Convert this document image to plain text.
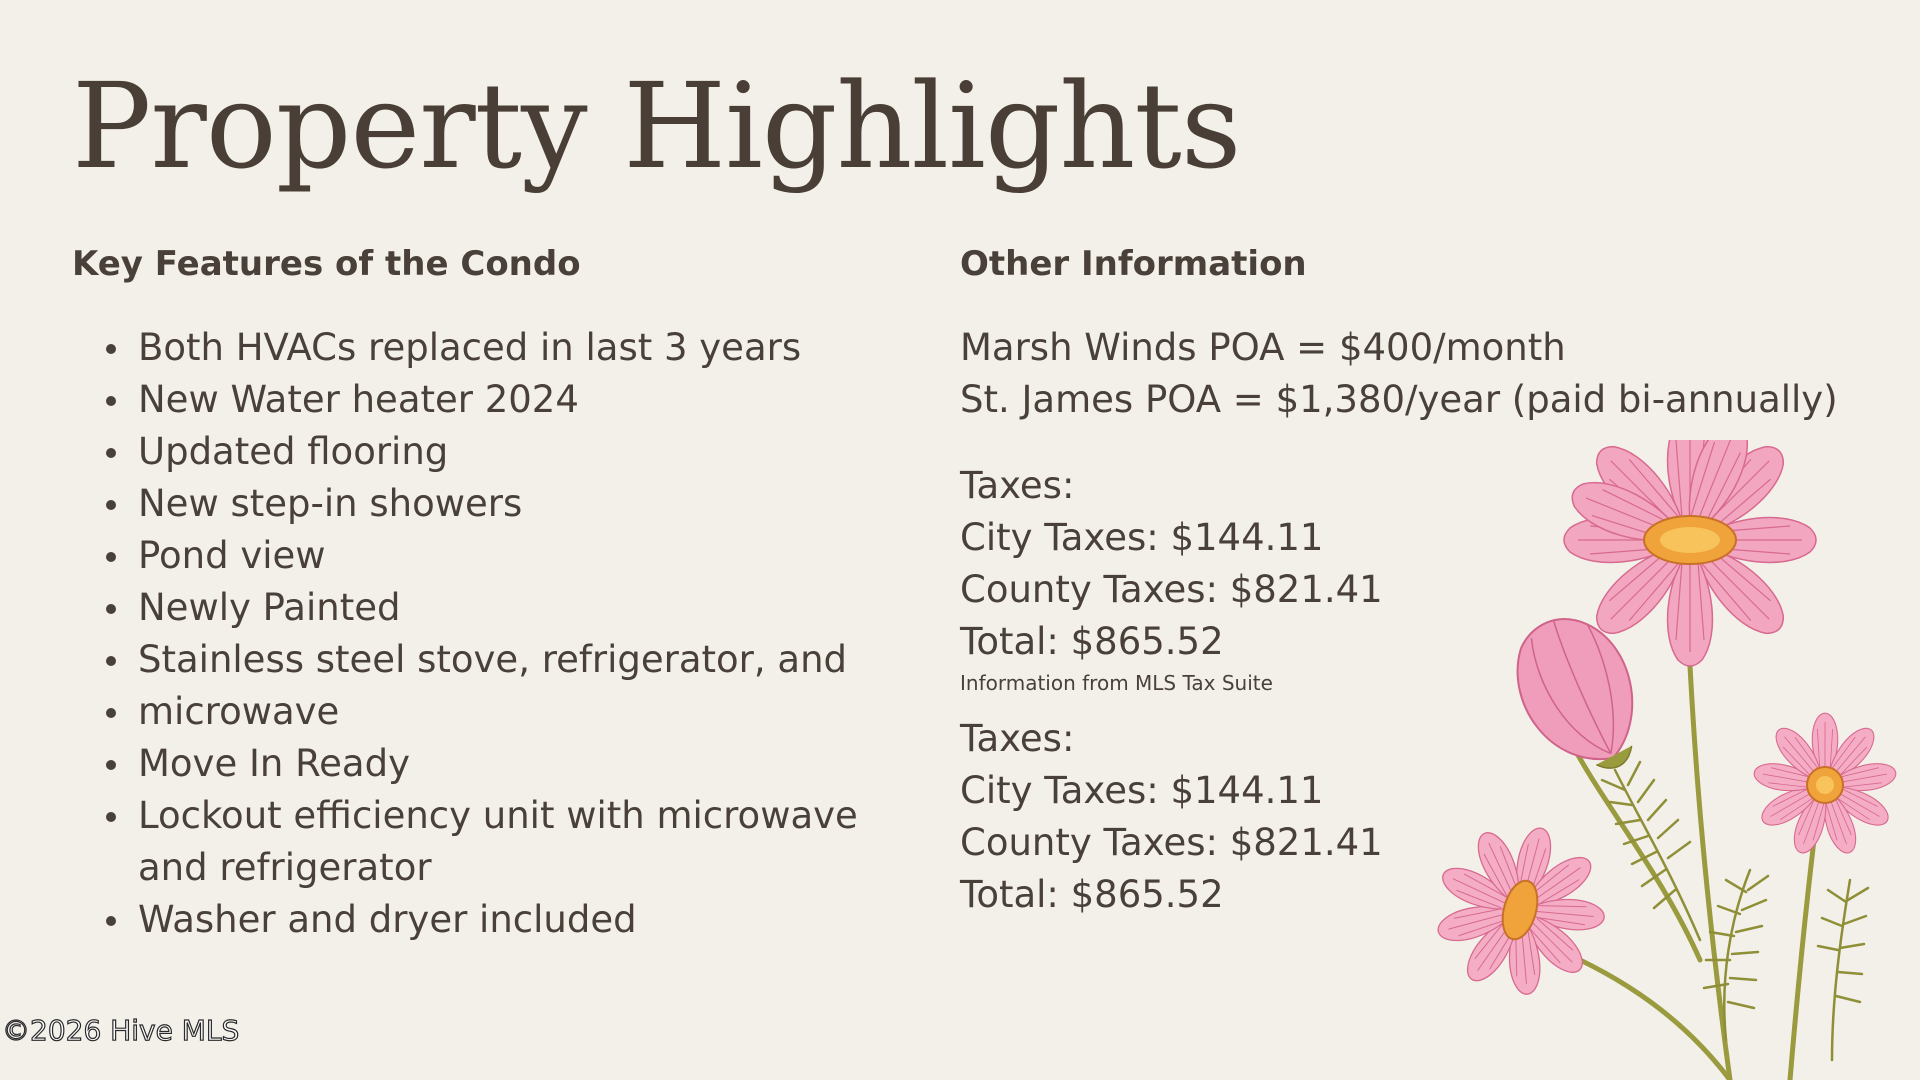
Property Highlights
Key Features of the Condo
Both HVACs replaced in last 3 years
New Water heater 2024
Updated flooring
New step-in showers
Pond view
Newly Painted
Stainless steel stove, refrigerator, and
microwave
Move In Ready
Lockout efficiency unit with microwave and refrigerator
Washer and dryer included
Other Information
Marsh Winds POA = $400/month
St. James POA = $1,380/year (paid bi-annually)
Taxes:
City Taxes: $144.11
County Taxes: $821.41
Total: $865.52
Information from MLS Tax Suite
Taxes:
City Taxes: $144.11
County Taxes: $821.41
Total: $865.52
©2026 Hive MLS
